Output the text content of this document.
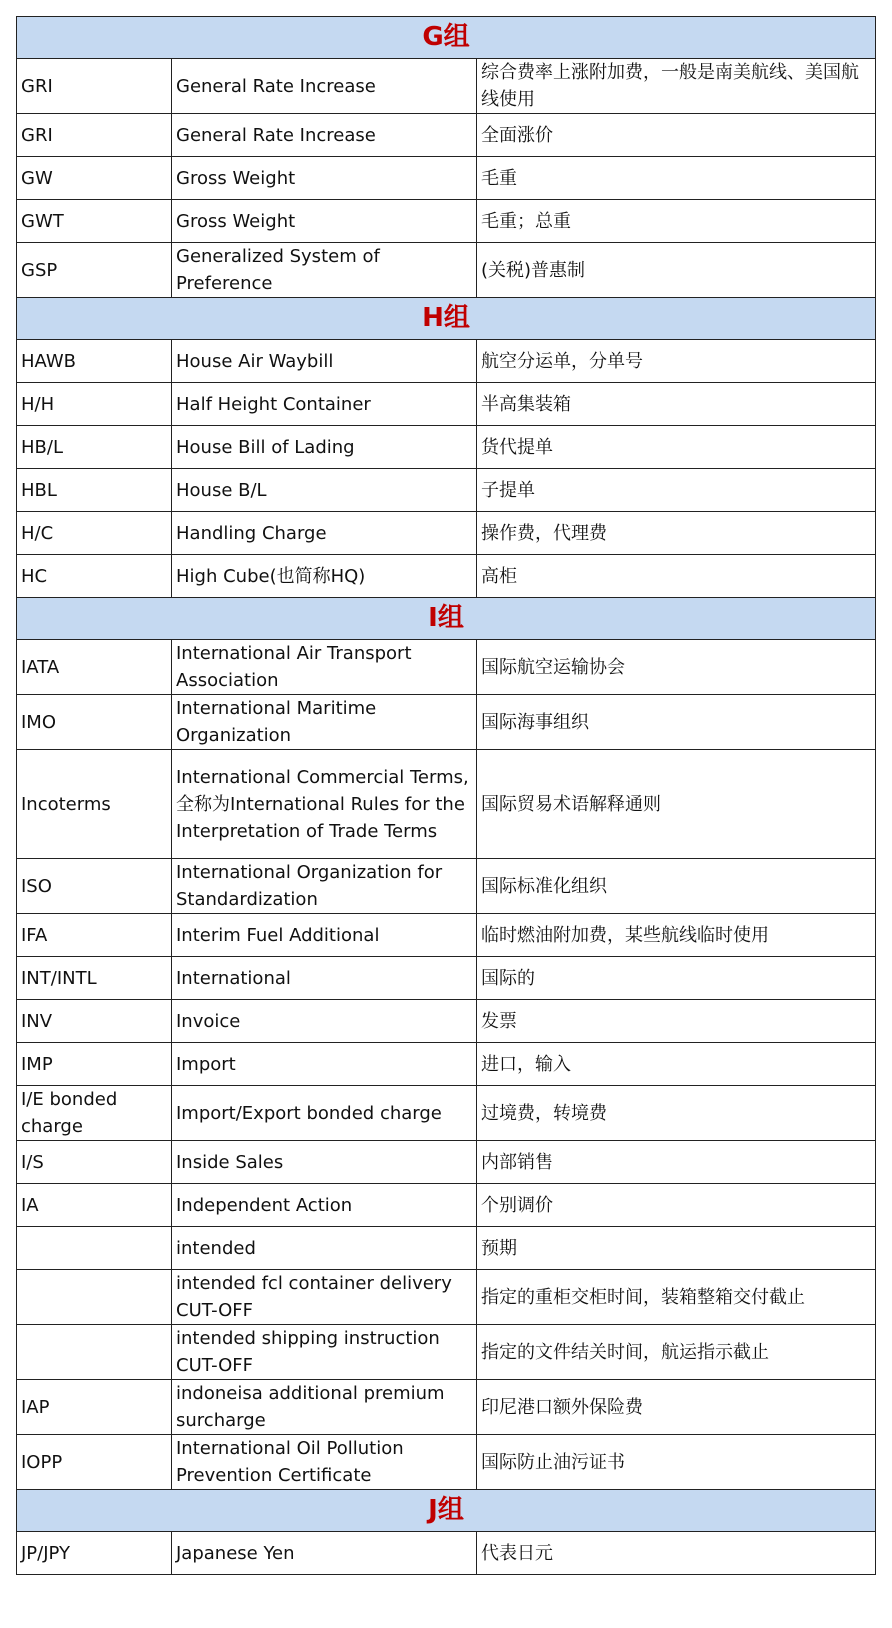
G组		
GRI	General Rate Increase	综合费率上涨附加费，一般是南美航线、美国航线使用
GRI	General Rate Increase	全面涨价
GW	Gross Weight	毛重
GWT	Gross Weight	毛重；总重
GSP	Generalized System of Preference	(关税)普惠制
H组		
HAWB	House Air Waybill	航空分运单，分单号
H/H	Half Height Container	半高集装箱
HB/L	House Bill of Lading	货代提单
HBL	House B/L	子提单
H/C	Handling Charge	操作费，代理费
HC	High Cube(也简称HQ)	高柜
I组		
IATA	International Air Transport Association	国际航空运输协会
IMO	International Maritime Organization	国际海事组织
Incoterms	International Commercial Terms,全称为International Rules for the Interpretation of Trade Terms	国际贸易术语解释通则
ISO	International Organization for Standardization	国际标准化组织
IFA	Interim Fuel Additional	临时燃油附加费，某些航线临时使用
INT/INTL	International	国际的
INV	Invoice	发票
IMP	Import	进口，输入
I/E bonded charge	Import/Export bonded charge	过境费，转境费
I/S	Inside Sales	内部销售
IA	Independent Action	个别调价
	intended	预期
	intended fcl container delivery CUT-OFF	指定的重柜交柜时间，装箱整箱交付截止
	intended shipping instruction CUT-OFF	指定的文件结关时间，航运指示截止
IAP	indoneisa additional premium surcharge	印尼港口额外保险费
IOPP	International Oil Pollution Prevention Certificate	国际防止油污证书
J组		
JP/JPY	Japanese Yen	代表日元
